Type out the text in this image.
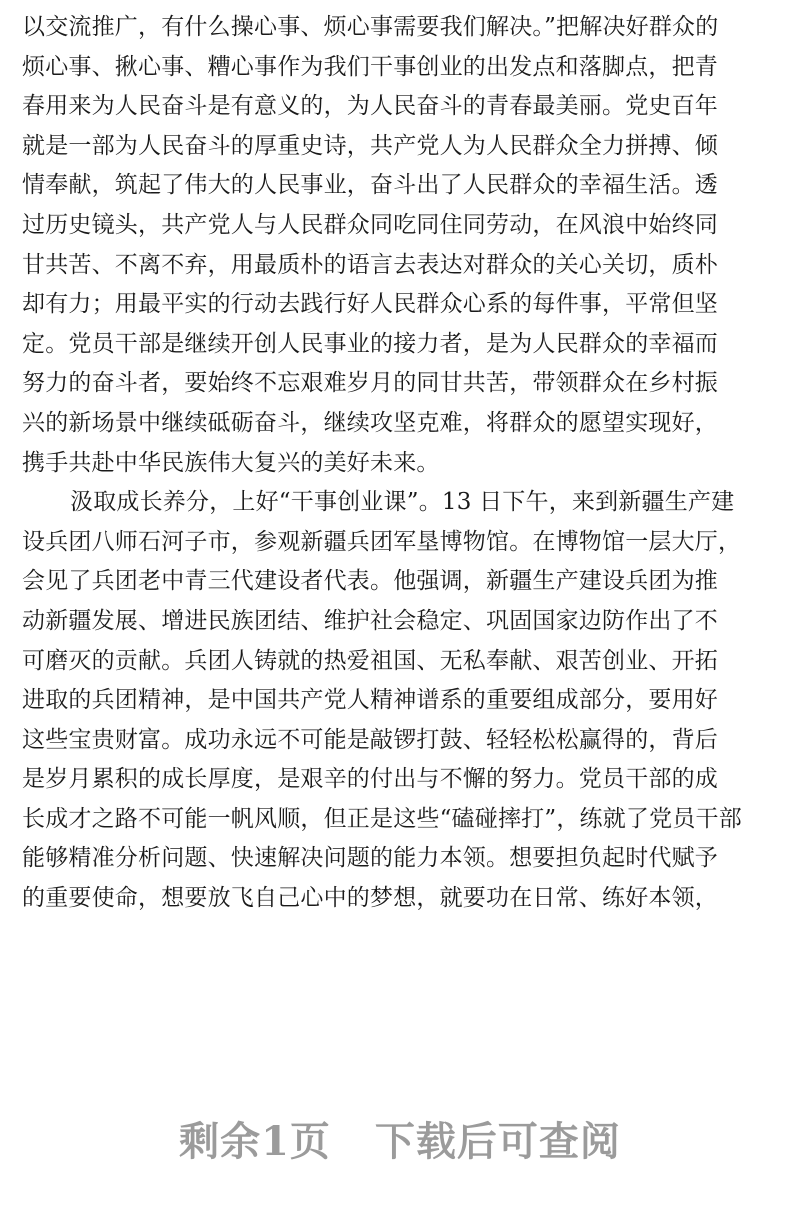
以交流推广，有什么操心事、烦心事需要我们解决。”把解决好群众的
烦心事、揪心事、糟心事作为我们干事创业的出发点和落脚点，把青
春用来为人民奋斗是有意义的，为人民奋斗的青春最美丽。党史百年
就是一部为人民奋斗的厚重史诗，共产党人为人民群众全力拼搏、倾
情奉献，筑起了伟大的人民事业，奋斗出了人民群众的幸福生活。透
过历史镜头，共产党人与人民群众同吃同住同劳动，在风浪中始终同
甘共苦、不离不弃，用最质朴的语言去表达对群众的关心关切，质朴
却有力；用最平实的行动去践行好人民群众心系的每件事，平常但坚
定。党员干部是继续开创人民事业的接力者，是为人民群众的幸福而
努力的奋斗者，要始终不忘艰难岁月的同甘共苦，带领群众在乡村振
兴的新场景中继续砥砺奋斗，继续攻坚克难，将群众的愿望实现好，
携手共赴中华民族伟大复兴的美好未来。
汲取成长养分，上好“干事创业课”。13 日下午，来到新疆生产建
设兵团八师石河子市，参观新疆兵团军垦博物馆。在博物馆一层大厅，
会见了兵团老中青三代建设者代表。他强调，新疆生产建设兵团为推
动新疆发展、增进民族团结、维护社会稳定、巩固国家边防作出了不
可磨灭的贡献。兵团人铸就的热爱祖国、无私奉献、艰苦创业、开拓
进取的兵团精神，是中国共产党人精神谱系的重要组成部分，要用好
这些宝贵财富。成功永远不可能是敲锣打鼓、轻轻松松赢得的，背后
是岁月累积的成长厚度，是艰辛的付出与不懈的努力。党员干部的成
长成才之路不可能一帆风顺，但正是这些“磕碰摔打”，练就了党员干部
能够精准分析问题、快速解决问题的能力本领。想要担负起时代赋予
的重要使命，想要放飞自己心中的梦想，就要功在日常、练好本领，
剩余1页 下载后可查阅
